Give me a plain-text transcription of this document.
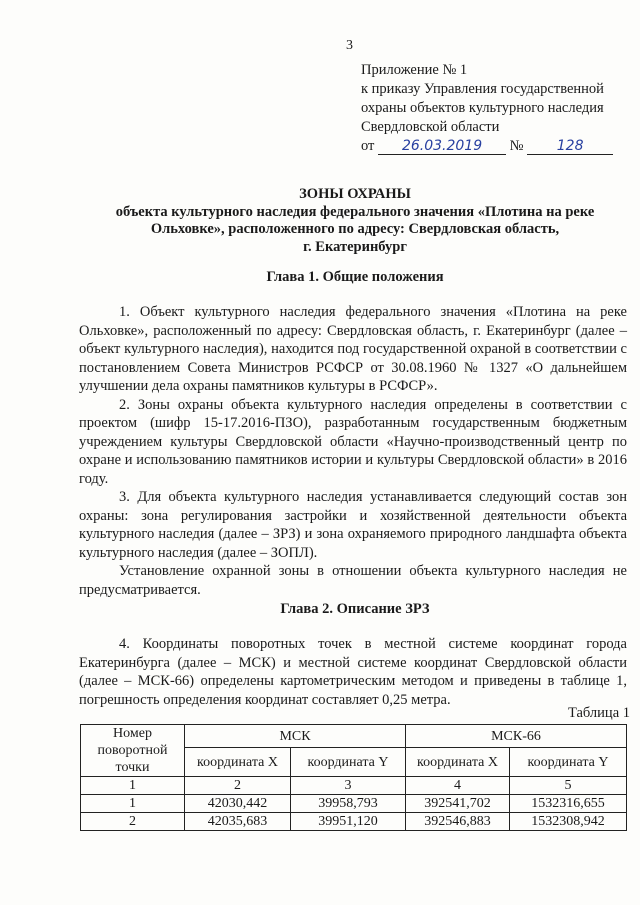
3
Приложение № 1
к приказу Управления государственной
охраны объектов культурного наследия
Свердловской области
от 26.03.2019 № 128
ЗОНЫ ОХРАНЫ
объекта культурного наследия федерального значения «Плотина на реке
Ольховке», расположенного по адресу: Свердловская область,
г. Екатеринбург
Глава 1. Общие положения

1. Объект культурного наследия федерального значения «Плотина на реке Ольховке», расположенный по адресу: Свердловская область, г. Екатеринбург (далее – объект культурного наследия), находится под государственной охраной в соответствии с постановлением Совета Министров РСФСР от 30.08.1960 № 1327 «О дальнейшем улучшении дела охраны памятников культуры в РСФСР».

2. Зоны охраны объекта культурного наследия определены в соответствии с проектом (шифр 15-17.2016-ПЗО), разработанным государственным бюджетным учреждением культуры Свердловской области «Научно-производственный центр по охране и использованию памятников истории и культуры Свердловской области» в 2016 году.

3. Для объекта культурного наследия устанавливается следующий состав зон охраны: зона регулирования застройки и хозяйственной деятельности объекта культурного наследия (далее – ЗРЗ) и зона охраняемого природного ландшафта объекта культурного наследия (далее – ЗОПЛ).

Установление охранной зоны в отношении объекта культурного наследия не предусматривается.

Глава 2. Описание ЗРЗ

4. Координаты поворотных точек в местной системе координат города Екатеринбурга (далее – МСК) и местной системе координат Свердловской области (далее – МСК-66) определены картометрическим методом и приведены в таблице 1, погрешность определения координат составляет 0,25 метра.

Таблица 1
Номер поворотной точки	МСК		МСК-66	
	координата X	координата Y	координата X	координата Y
1	2	3	4	5
1	42030,442	39958,793	392541,702	1532316,655
2	42035,683	39951,120	392546,883	1532308,942
